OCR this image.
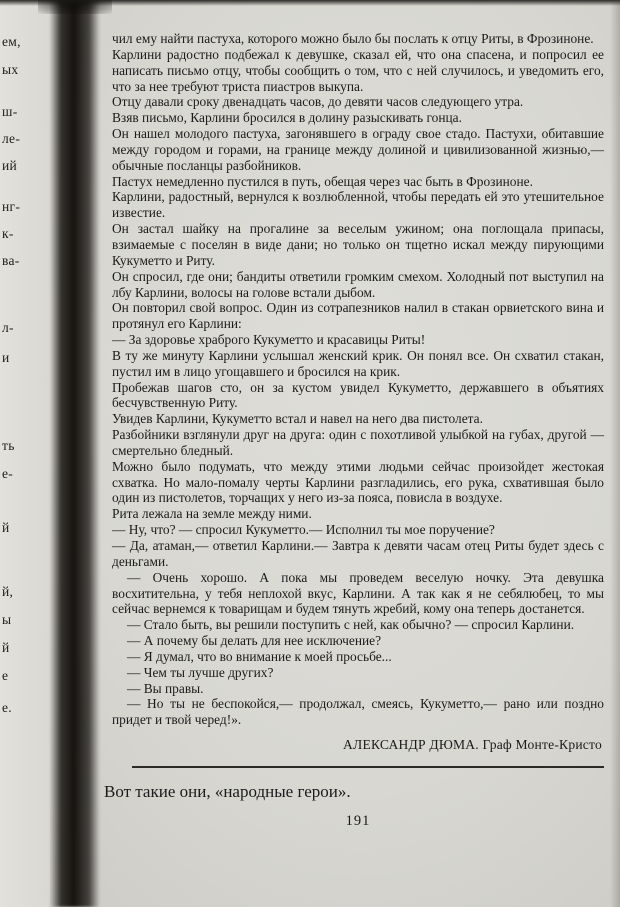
ем,
ых
ш-
ле-
ий
нг-
к-
ва-
л-
и
ть
е-
й
й,
ы
й
е
е.

чил ему найти пастуха, которого можно было бы послать к отцу Риты, в Фрозиноне.

Карлини радостно подбежал к девушке, сказал ей, что она спасена, и попросил ее написать письмо отцу, чтобы сообщить о том, что с ней случилось, и уведомить его, что за нее требуют триста пиастров выкупа.

Отцу давали сроку двенадцать часов, до девяти часов следующего утра.

Взяв письмо, Карлини бросился в долину разыскивать гонца.

Он нашел молодого пастуха, загонявшего в ограду свое стадо. Пастухи, обитавшие между городом и горами, на границе между долиной и цивилизованной жизнью,— обычные посланцы разбойников.

Пастух немедленно пустился в путь, обещая через час быть в Фрозиноне.

Карлини, радостный, вернулся к возлюбленной, чтобы передать ей это утешительное известие.

Он застал шайку на прогалине за веселым ужином; она поглощала припасы, взимаемые с поселян в виде дани; но только он тщетно искал между пирующими Кукуметто и Риту.

Он спросил, где они; бандиты ответили громким смехом. Холодный пот выступил на лбу Карлини, волосы на голове встали дыбом.

Он повторил свой вопрос. Один из сотрапезников налил в стакан орвиетского вина и протянул его Карлини:

— За здоровье храброго Кукуметто и красавицы Риты!

В ту же минуту Карлини услышал женский крик. Он понял все. Он схватил стакан, пустил им в лицо угощавшего и бросился на крик.

Пробежав шагов сто, он за кустом увидел Кукуметто, державшего в объятиях бесчувственную Риту.

Увидев Карлини, Кукуметто встал и навел на него два пистолета.

Разбойники взглянули друг на друга: один с похотливой улыбкой на губах, другой — смертельно бледный.

Можно было подумать, что между этими людьми сейчас произойдет жестокая схватка. Но мало-помалу черты Карлини разгладились, его рука, схватившая было один из пистолетов, торчащих у него из-за пояса, повисла в воздухе.

Рита лежала на земле между ними.

— Ну, что? — спросил Кукуметто.— Исполнил ты мое поручение?

— Да, атаман,— ответил Карлини.— Завтра к девяти часам отец Риты будет здесь с деньгами.

— Очень хорошо. А пока мы проведем веселую ночку. Эта девушка восхитительна, у тебя неплохой вкус, Карлини. А так как я не себялюбец, то мы сейчас вернемся к товарищам и будем тянуть жребий, кому она теперь достанется.

— Стало быть, вы решили поступить с ней, как обычно? — спросил Карлини.

— А почему бы делать для нее исключение?

— Я думал, что во внимание к моей просьбе...

— Чем ты лучше других?

— Вы правы.

— Но ты не беспокойся,— продолжал, смеясь, Кукуметто,— рано или поздно придет и твой черед!».

АЛЕКСАНДР ДЮМА. Граф Монте-Кристо
Вот такие они, «народные герои».
191
